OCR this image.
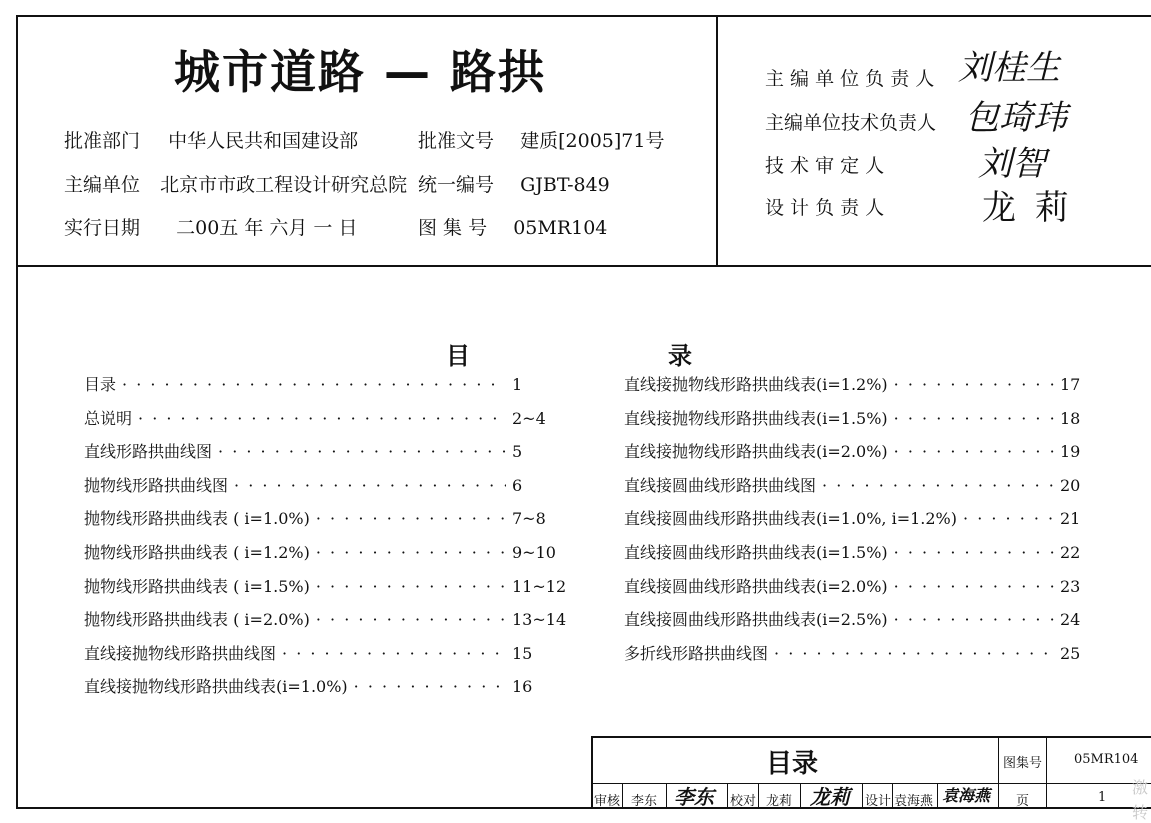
城市道路 — 路拱
批准部门 中华人民共和国建设部	批准文号 建质[2005]71号
主编单位 北京市市政工程设计研究总院 统一编号 GJBT-849
实行日期 二00五 年 六月 一 日	图 集 号 05MR104
主 编 单 位 负 责 人 刘桂生
主编单位技术负责人 包琦玮
技 术 审 定 人	刘智
设 计 负 责 人	龙 莉
目	录
目录 · · ·	1
总说明 · · ·	2~4
直线形路拱曲线图 · · ·	5
抛物线形路拱曲线图 · · ·	6
抛物线形路拱曲线表 ( i=1.0%) · · ·	7~8
抛物线形路拱曲线表 ( i=1.2%) · · ·	9~10
抛物线形路拱曲线表 ( i=1.5%) · · ·	11~12
抛物线形路拱曲线表 ( i=2.0%) · · ·	13~14
直线接抛物线形路拱曲线图 · · ·	15
直线接抛物线形路拱曲线表(i=1.0%) · · ·	16
直线接抛物线形路拱曲线表(i=1.2%) · · ·	17
直线接抛物线形路拱曲线表(i=1.5%) · · ·	18
直线接抛物线形路拱曲线表(i=2.0%) · · ·	19
直线接圆曲线形路拱曲线图 · · ·	20
直线接圆曲线形路拱曲线表(i=1.0%, i=1.2%) · · ·	21
直线接圆曲线形路拱曲线表(i=1.5%) · · ·	22
直线接圆曲线形路拱曲线表(i=2.0%) · · ·	23
直线接圆曲线形路拱曲线表(i=2.5%) · · ·	24
多折线形路拱曲线图 · · ·	25
目录	图集号 05MR104
审核 李东 李东 校对 龙莉 龙莉 设计 袁海燕 袁海燕 页	1
激
转
